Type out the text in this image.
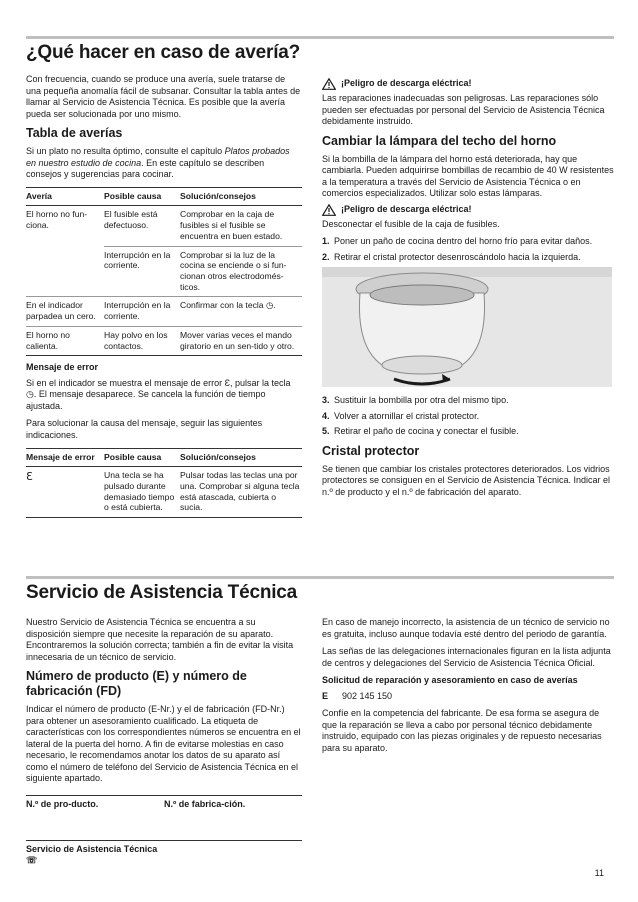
¿Qué hacer en caso de avería?

Con frecuencia, cuando se produce una avería, suele tratarse de una pequeña anomalía fácil de subsanar. Consultar la tabla antes de llamar al Servicio de Asistencia Técnica. Es posible que la avería pueda ser solucionada por uno mismo.

Tabla de averías

Si un plato no resulta óptimo, consulte el capítulo Platos probados en nuestro estudio de cocina. En este capítulo se describen consejos y sugerencias para cocinar.

Avería	Posible causa	Solución/consejos
El horno no fun-ciona.	El fusible está defectuoso.	Comprobar en la caja de fusibles si el fusible se encuentra en buen estado.
	Interrupción en la corriente.	Comprobar si la luz de la cocina se enciende o si fun-cionan otros electrodomés-ticos.
En el indicador parpadea un cero.	Interrupción en la corriente.	Confirmar con la tecla ◷.
El horno no calienta.	Hay polvo en los contactos.	Mover varias veces el mando giratorio en un sen-tido y otro.
Mensaje de error

Si en el indicador se muestra el mensaje de error Ɛ, pulsar la tecla ◷. El mensaje desaparece. Se cancela la función de tiempo ajustada.

Para solucionar la causa del mensaje, seguir las siguientes indicaciones.

Mensaje de error	Posible causa	Solución/consejos
Ɛ	Una tecla se ha pulsado durante demasiado tiempo o está cubierta.	Pulsar todas las teclas una por una. Comprobar si alguna tecla está atascada, cubierta o sucia.
¡Peligro de descarga eléctrica!

Las reparaciones inadecuadas son peligrosas. Las reparaciones sólo pueden ser efectuadas por personal del Servicio de Asistencia Técnica debidamente instruido.

Cambiar la lámpara del techo del horno

Si la bombilla de la lámpara del horno está deteriorada, hay que cambiarla. Pueden adquirirse bombillas de recambio de 40 W resistentes a la temperatura a través del Servicio de Asistencia Técnica o en comercios especializados. Utilizar solo estas lámparas.

¡Peligro de descarga eléctrica!

Desconectar el fusible de la caja de fusibles.

1. Poner un paño de cocina dentro del horno frío para evitar daños.
2. Retirar el cristal protector desenroscándolo hacia la izquierda.
3. Sustituir la bombilla por otra del mismo tipo.
4. Volver a atornillar el cristal protector.
5. Retirar el paño de cocina y conectar el fusible.
Cristal protector

Se tienen que cambiar los cristales protectores deteriorados. Los vidrios protectores se consiguen en el Servicio de Asistencia Técnica. Indicar el n.º de producto y el n.º de fabricación del aparato.

Servicio de Asistencia Técnica

Nuestro Servicio de Asistencia Técnica se encuentra a su disposición siempre que necesite la reparación de su aparato. Encontraremos la solución correcta; también a fin de evitar la visita innecesaria de un técnico de servicio.

Número de producto (E) y número de fabricación (FD)

Indicar el número de producto (E-Nr.) y el de fabricación (FD-Nr.) para obtener un asesoramiento cualificado. La etiqueta de características con los correspondientes números se encuentra en el lateral de la puerta del horno. A fin de evitarse molestias en caso necesario, le recomendamos anotar los datos de su aparato así como el número de teléfono del Servicio de Asistencia Técnica en el siguiente apartado.

N.º de pro-ducto.	N.º de fabrica-ción.
Servicio de Asistencia Técnica ☏

En caso de manejo incorrecto, la asistencia de un técnico de servicio no es gratuita, incluso aunque todavía esté dentro del periodo de garantía.

Las señas de las delegaciones internacionales figuran en la lista adjunta de centros y delegaciones del Servicio de Asistencia Técnica Oficial.

Solicitud de reparación y asesoramiento en caso de averías

E 902 145 150

Confíe en la competencia del fabricante. De esa forma se asegura de que la reparación se lleva a cabo por personal técnico debidamente instruido, equipado con las piezas originales y de repuesto necesarias para su aparato.

11
